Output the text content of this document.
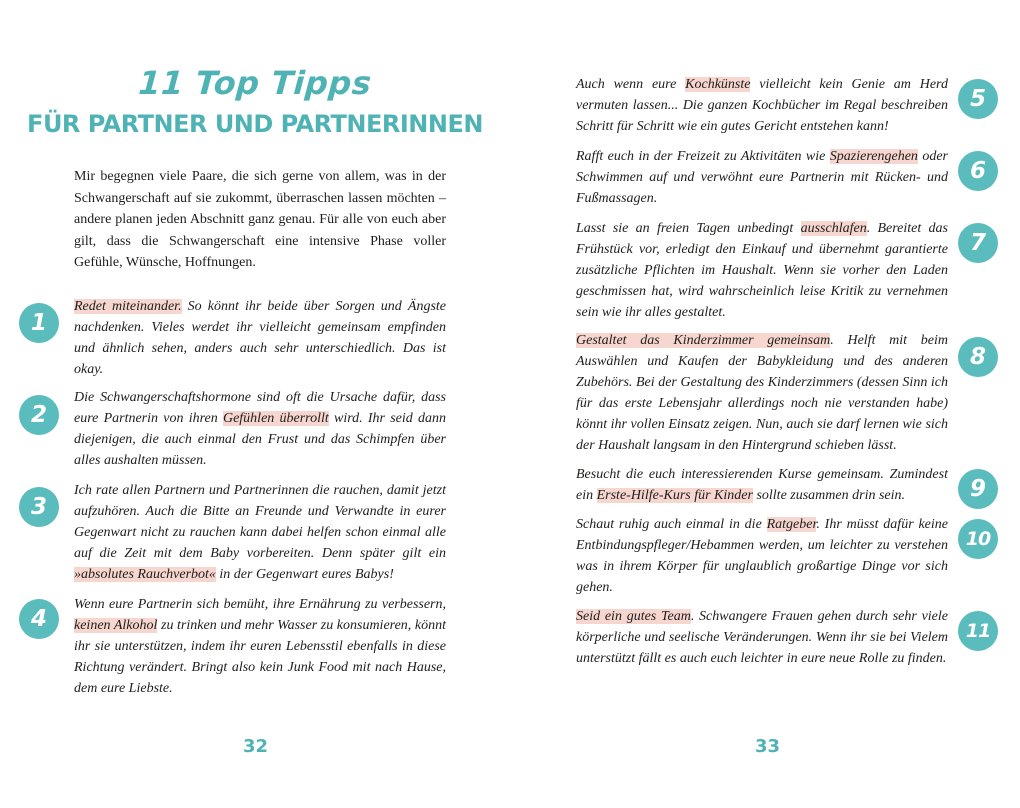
11 Top Tipps
FÜR PARTNER UND PARTNERINNEN
Mir begegnen viele Paare, die sich gerne von allem, was in der Schwangerschaft auf sie zukommt, überraschen lassen möchten – andere planen jeden Abschnitt ganz genau. Für alle von euch aber gilt, dass die Schwangerschaft eine intensive Phase voller Gefühle, Wünsche, Hoffnungen.
1

Redet miteinander. So könnt ihr beide über Sorgen und Ängste nachdenken. Vieles werdet ihr vielleicht gemeinsam empfinden und ähnlich sehen, anders auch sehr unterschiedlich. Das ist okay.

2

Die Schwangerschaftshormone sind oft die Ursache dafür, dass eure Partnerin von ihren Gefühlen überrollt wird. Ihr seid dann diejenigen, die auch einmal den Frust und das Schimpfen über alles aushalten müssen.

3

Ich rate allen Partnern und Partnerinnen die rauchen, damit jetzt aufzuhören. Auch die Bitte an Freunde und Verwandte in eurer Gegenwart nicht zu rauchen kann dabei helfen schon einmal alle auf die Zeit mit dem Baby vorbereiten. Denn später gilt ein »absolutes Rauchverbot« in der Gegenwart eures Babys!

4

Wenn eure Partnerin sich bemüht, ihre Ernährung zu verbessern, keinen Alkohol zu trinken und mehr Wasser zu konsumieren, könnt ihr sie unterstützen, indem ihr euren Lebensstil ebenfalls in diese Richtung verändert. Bringt also kein Junk Food mit nach Hause, dem eure Liebste.

32

Auch wenn eure Kochkünste vielleicht kein Genie am Herd vermuten lassen... Die ganzen Kochbücher im Regal beschreiben Schritt für Schritt wie ein gutes Gericht entstehen kann!

5

Rafft euch in der Freizeit zu Aktivitäten wie Spazierengehen oder Schwimmen auf und verwöhnt eure Partnerin mit Rücken- und Fußmassagen.

6

Lasst sie an freien Tagen unbedingt ausschlafen. Bereitet das Frühstück vor, erledigt den Einkauf und übernehmt garantierte zusätzliche Pflichten im Haushalt. Wenn sie vorher den Laden geschmissen hat, wird wahrscheinlich leise Kritik zu vernehmen sein wie ihr alles gestaltet.

7

Gestaltet das Kinderzimmer gemeinsam. Helft mit beim Auswählen und Kaufen der Babykleidung und des anderen Zubehörs. Bei der Gestaltung des Kinderzimmers (dessen Sinn ich für das erste Lebensjahr allerdings noch nie verstanden habe) könnt ihr vollen Einsatz zeigen. Nun, auch sie darf lernen wie sich der Haushalt langsam in den Hintergrund schieben lässt.

8

Besucht die euch interessierenden Kurse gemeinsam. Zumindest ein Erste-Hilfe-Kurs für Kinder sollte zusammen drin sein.	9

Schaut ruhig auch einmal in die Ratgeber. Ihr müsst dafür keine Entbindungspfleger/Hebammen werden, um leichter zu verstehen was in ihrem Körper für unglaublich großartige Dinge vor sich gehen.

10

Seid ein gutes Team. Schwangere Frauen gehen durch sehr viele körperliche und seelische Veränderungen. Wenn ihr sie bei Vielem unterstützt fällt es auch euch leichter in eure neue Rolle zu finden.

11
33
